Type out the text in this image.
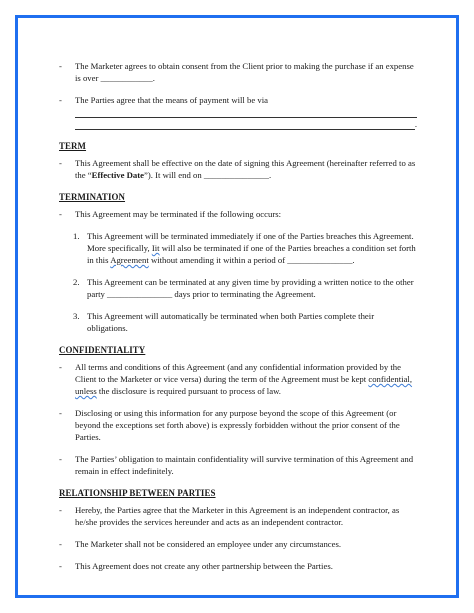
-	The Marketer agrees to obtain consent from the Client prior to making the purchase if an expense is over ____________.
-	The Parties agree that the means of payment will be via
.
TERM
-	This Agreement shall be effective on the date of signing this Agreement (hereinafter referred to as the “Effective Date”). It will end on _______________.
TERMINATION
-	This Agreement may be terminated if the following occurs:
1. This Agreement will be terminated immediately if one of the Parties breaches this Agreement. More specifically, Iit will also be terminated if one of the Parties breaches a condition set forth in this Agreement without amending it within a period of _______________.
2. This Agreement can be terminated at any given time by providing a written notice to the other party _______________ days prior to terminating the Agreement.
3. This Agreement will automatically be terminated when both Parties complete their obligations.
CONFIDENTIALITY
-	All terms and conditions of this Agreement (and any confidential information provided by the Client to the Marketer or vice versa) during the term of the Agreement must be kept confidential, unless the disclosure is required pursuant to process of law.
-	Disclosing or using this information for any purpose beyond the scope of this Agreement (or beyond the exceptions set forth above) is expressly forbidden without the prior consent of the Parties.
-	The Parties’ obligation to maintain confidentiality will survive termination of this Agreement and remain in effect indefinitely.
RELATIONSHIP BETWEEN PARTIES
-	Hereby, the Parties agree that the Marketer in this Agreement is an independent contractor, as he/she provides the services hereunder and acts as an independent contractor.
-	The Marketer shall not be considered an employee under any circumstances.
-	This Agreement does not create any other partnership between the Parties.
